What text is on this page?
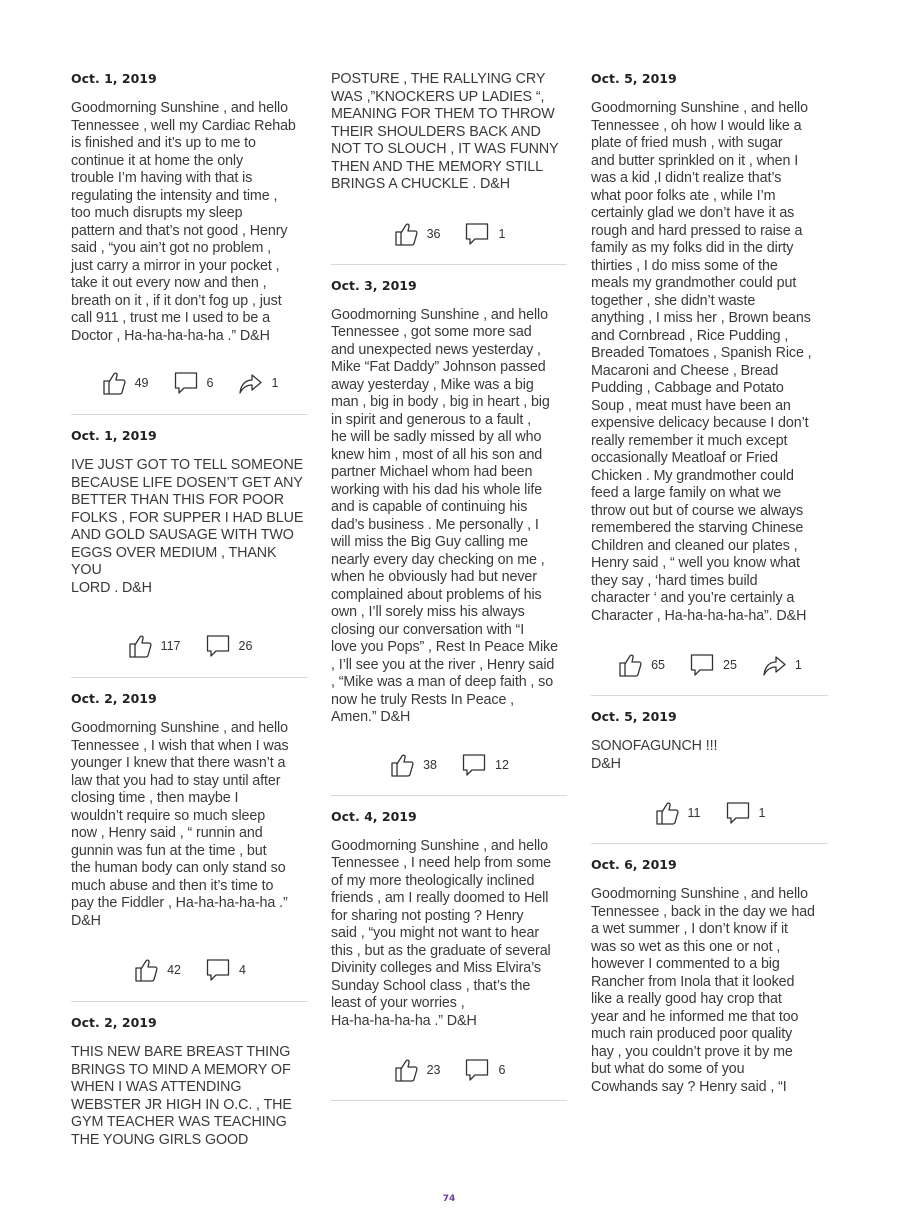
Oct. 1, 2019
Goodmorning Sunshine , and hello
Tennessee , well my Cardiac Rehab
is finished and it’s up to me to
continue it at home the only
trouble I’m having with that is
regulating the intensity and time ,
too much disrupts my sleep
pattern and that’s not good , Henry
said , “you ain’t got no problem ,
just carry a mirror in your pocket ,
take it out every now and then ,
breath on it , if it don’t fog up , just
call 911 , trust me I used to be a
Doctor , Ha-ha-ha-ha-ha .” D&H
49	6	1
Oct. 1, 2019
IVE JUST GOT TO TELL SOMEONE
BECAUSE LIFE DOSEN’T GET ANY
BETTER THAN THIS FOR POOR
FOLKS , FOR SUPPER I HAD BLUE
AND GOLD SAUSAGE WITH TWO
EGGS OVER MEDIUM , THANK YOU
LORD . D&H
117	26
Oct. 2, 2019
Goodmorning Sunshine , and hello
Tennessee , I wish that when I was
younger I knew that there wasn’t a
law that you had to stay until after
closing time , then maybe I
wouldn’t require so much sleep
now , Henry said , “ runnin and
gunnin was fun at the time , but
the human body can only stand so
much abuse and then it’s time to
pay the Fiddler , Ha-ha-ha-ha-ha .”
D&H
42	4
Oct. 2, 2019
THIS NEW BARE BREAST THING
BRINGS TO MIND A MEMORY OF
WHEN I WAS ATTENDING
WEBSTER JR HIGH IN O.C. , THE
GYM TEACHER WAS TEACHING
THE YOUNG GIRLS GOOD
POSTURE , THE RALLYING CRY
WAS ,”KNOCKERS UP LADIES “,
MEANING FOR THEM TO THROW
THEIR SHOULDERS BACK AND
NOT TO SLOUCH , IT WAS FUNNY
THEN AND THE MEMORY STILL
BRINGS A CHUCKLE . D&H
36	1
Oct. 3, 2019
Goodmorning Sunshine , and hello
Tennessee , got some more sad
and unexpected news yesterday ,
Mike “Fat Daddy” Johnson passed
away yesterday , Mike was a big
man , big in body , big in heart , big
in spirit and generous to a fault ,
he will be sadly missed by all who
knew him , most of all his son and
partner Michael whom had been
working with his dad his whole life
and is capable of continuing his
dad’s business . Me personally , I
will miss the Big Guy calling me
nearly every day checking on me ,
when he obviously had but never
complained about problems of his
own , I’ll sorely miss his always
closing our conversation with “I
love you Pops” , Rest In Peace Mike
, I’ll see you at the river , Henry said
, “Mike was a man of deep faith , so
now he truly Rests In Peace ,
Amen.” D&H
38	12
Oct. 4, 2019
Goodmorning Sunshine , and hello
Tennessee , I need help from some
of my more theologically inclined
friends , am I really doomed to Hell
for sharing not posting ? Henry
said , “you might not want to hear
this , but as the graduate of several
Divinity colleges and Miss Elvira’s
Sunday School class , that’s the
least of your worries ,
Ha-ha-ha-ha-ha .” D&H
23	6
Oct. 5, 2019
Goodmorning Sunshine , and hello
Tennessee , oh how I would like a
plate of fried mush , with sugar
and butter sprinkled on it , when I
was a kid ,I didn’t realize that’s
what poor folks ate , while I’m
certainly glad we don’t have it as
rough and hard pressed to raise a
family as my folks did in the dirty
thirties , I do miss some of the
meals my grandmother could put
together , she didn’t waste
anything , I miss her , Brown beans
and Cornbread , Rice Pudding ,
Breaded Tomatoes , Spanish Rice ,
Macaroni and Cheese , Bread
Pudding , Cabbage and Potato
Soup , meat must have been an
expensive delicacy because I don’t
really remember it much except
occasionally Meatloaf or Fried
Chicken . My grandmother could
feed a large family on what we
throw out but of course we always
remembered the starving Chinese
Children and cleaned our plates ,
Henry said , “ well you know what
they say , ‘hard times build
character ‘ and you’re certainly a
Character , Ha-ha-ha-ha-ha”. D&H
65	25	1
Oct. 5, 2019
SONOFAGUNCH !!!
D&H
11	1
Oct. 6, 2019
Goodmorning Sunshine , and hello
Tennessee , back in the day we had
a wet summer , I don’t know if it
was so wet as this one or not ,
however I commented to a big
Rancher from Inola that it looked
like a really good hay crop that
year and he informed me that too
much rain produced poor quality
hay , you couldn’t prove it by me
but what do some of you
Cowhands say ? Henry said , “I
74
